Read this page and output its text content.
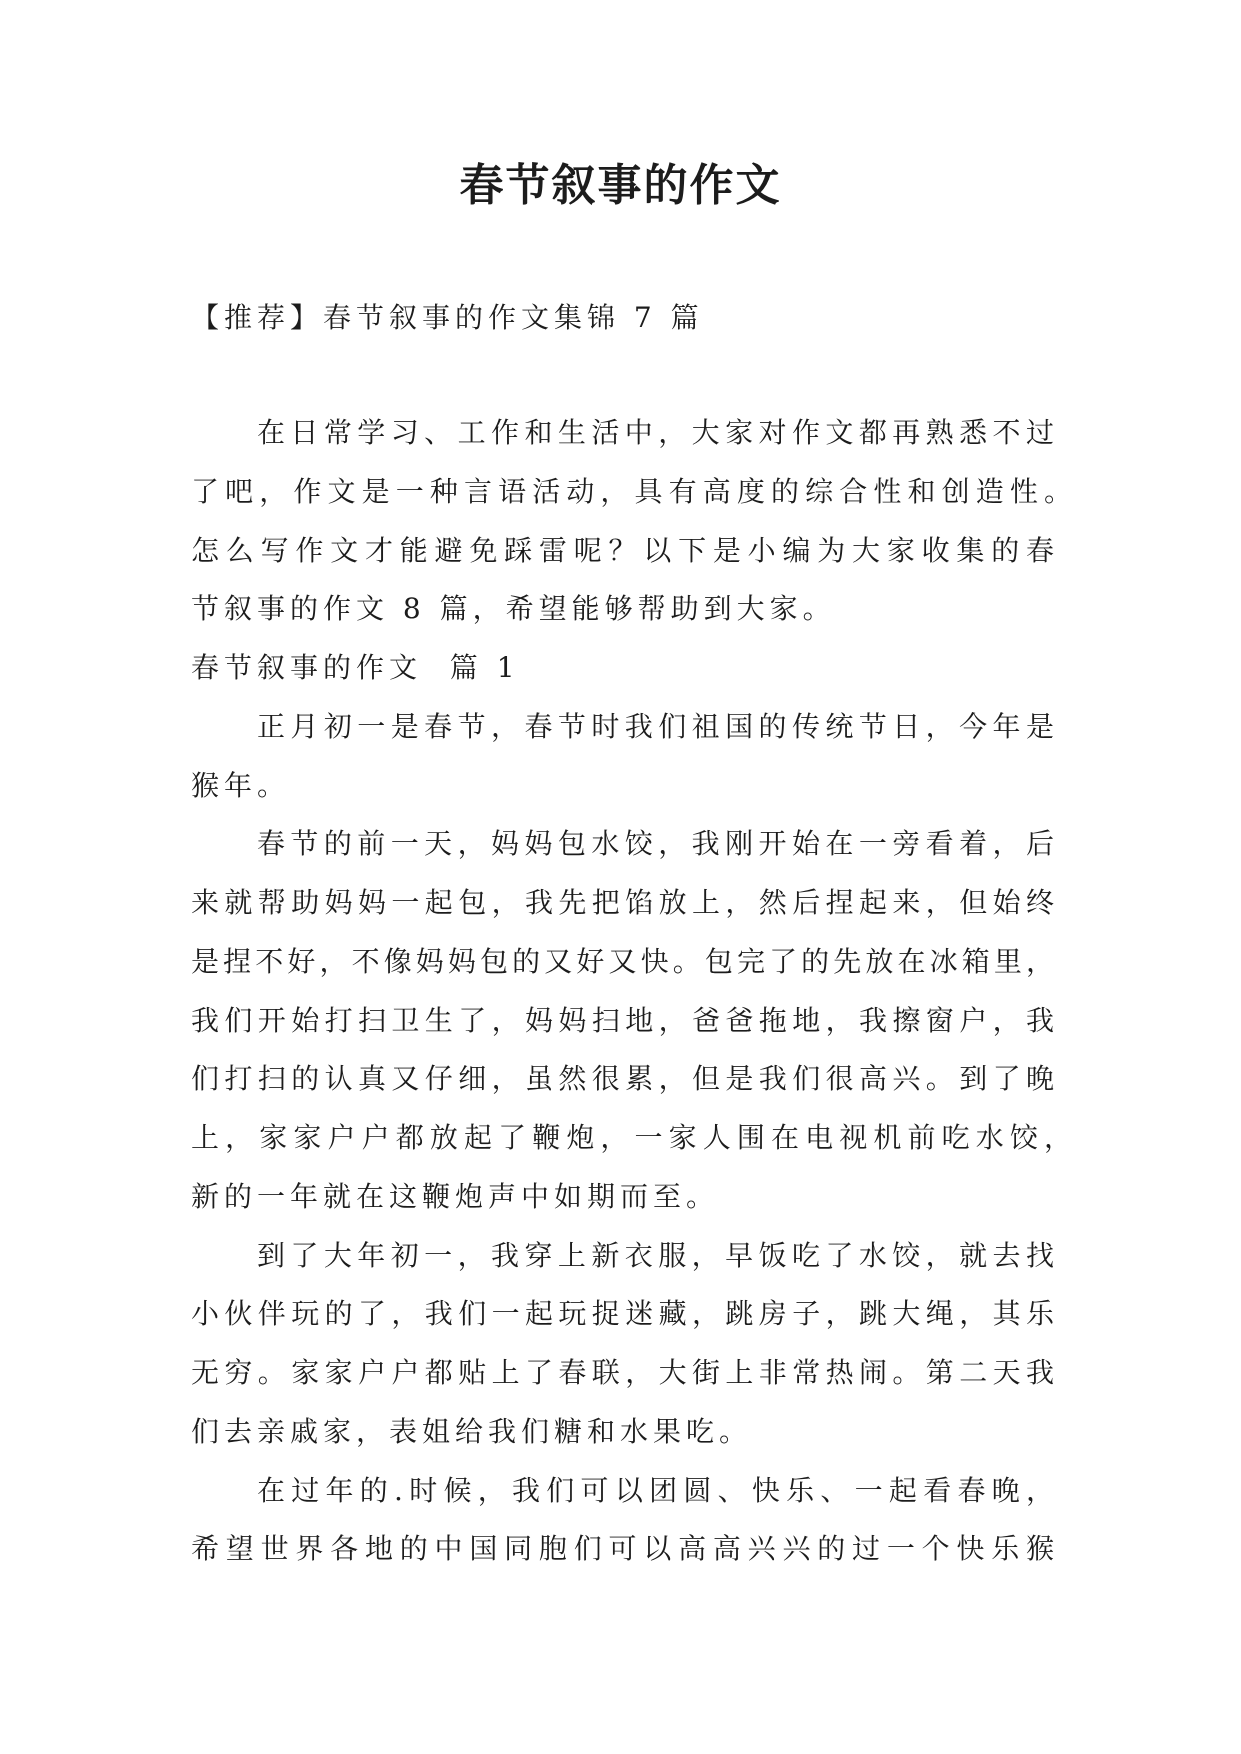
春节叙事的作文
【推荐】春节叙事的作文集锦 7 篇
在日常学习、工作和生活中，大家对作文都再熟悉不过
了吧，作文是一种言语活动，具有高度的综合性和创造性。
怎么写作文才能避免踩雷呢？以下是小编为大家收集的春
节叙事的作文 8 篇，希望能够帮助到大家。
春节叙事的作文  篇 1
正月初一是春节，春节时我们祖国的传统节日，今年是
猴年。
春节的前一天，妈妈包水饺，我刚开始在一旁看着，后
来就帮助妈妈一起包，我先把馅放上，然后捏起来，但始终
是捏不好，不像妈妈包的又好又快。包完了的先放在冰箱里，
我们开始打扫卫生了，妈妈扫地，爸爸拖地，我擦窗户，我
们打扫的认真又仔细，虽然很累，但是我们很高兴。到了晚
上，家家户户都放起了鞭炮，一家人围在电视机前吃水饺，
新的一年就在这鞭炮声中如期而至。
到了大年初一，我穿上新衣服，早饭吃了水饺，就去找
小伙伴玩的了，我们一起玩捉迷藏，跳房子，跳大绳，其乐
无穷。家家户户都贴上了春联，大街上非常热闹。第二天我
们去亲戚家，表姐给我们糖和水果吃。
在过年的.时候，我们可以团圆、快乐、一起看春晚，
希望世界各地的中国同胞们可以高高兴兴的过一个快乐猴
